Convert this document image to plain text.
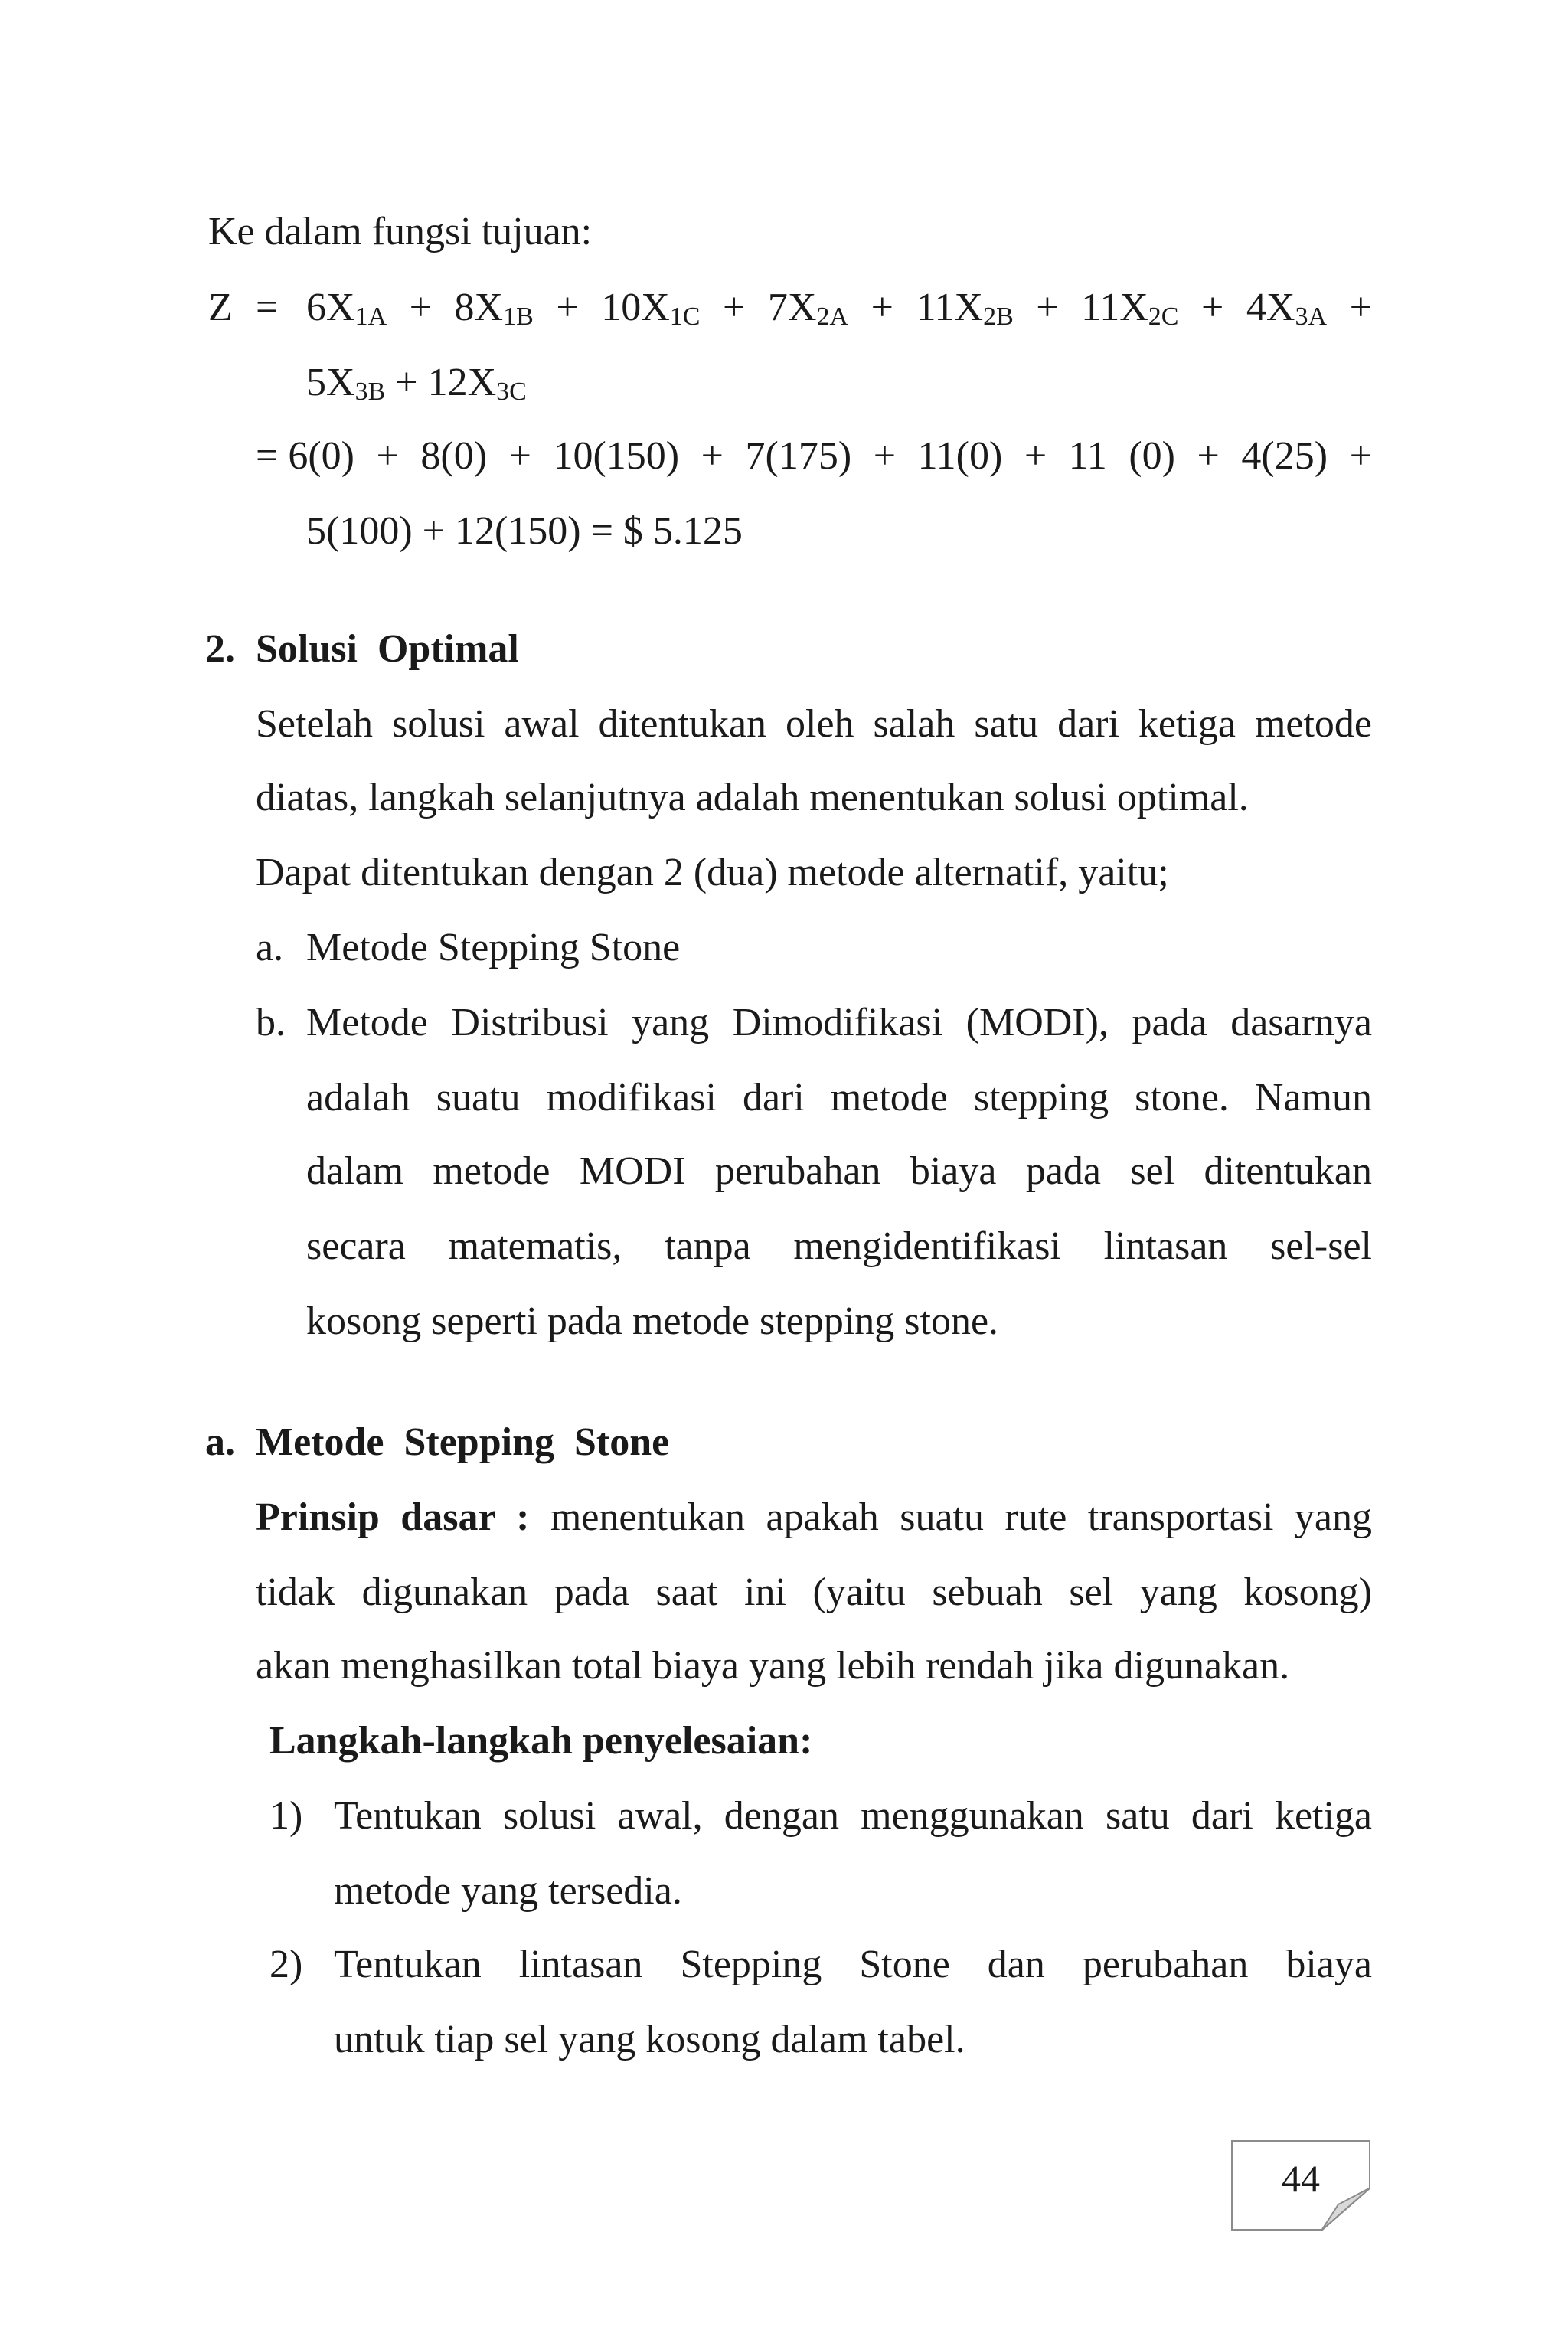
Ke dalam fungsi tujuan:
$Z = 6X_{1A} + 8X_{1B} + 10X_{1C} + 7X_{2A} + 11X_{2B} + 11X_{2C} + 4X_{3A}$ +
$5X_{3B} + 12X_{3C}$
= 6(0) + 8(0) + 10(150) + 7(175) + 11(0) + 11 (0) + 4(25) +
5(100) + 12(150) = $ 5.125
2. Solusi  Optimal
Setelah solusi awal ditentukan oleh salah satu dari ketiga metode
diatas, langkah selanjutnya adalah menentukan solusi optimal.
Dapat ditentukan dengan 2 (dua) metode alternatif, yaitu;
a. Metode Stepping Stone
b. Metode Distribusi yang Dimodifikasi (MODI), pada dasarnya
adalah suatu modifikasi dari metode stepping stone. Namun
dalam metode MODI perubahan biaya pada sel ditentukan
secara matematis, tanpa mengidentifikasi lintasan sel-sel
kosong seperti pada metode stepping stone.
a. Metode  Stepping  Stone
Prinsip dasar : menentukan apakah suatu rute transportasi yang
tidak digunakan pada saat ini (yaitu sebuah sel yang kosong)
akan menghasilkan total biaya yang lebih rendah jika digunakan.
Langkah-langkah penyelesaian:
1) Tentukan solusi awal, dengan menggunakan satu dari ketiga
metode yang tersedia.
2) Tentukan lintasan Stepping Stone dan perubahan biaya
untuk tiap sel yang kosong dalam tabel.
44
